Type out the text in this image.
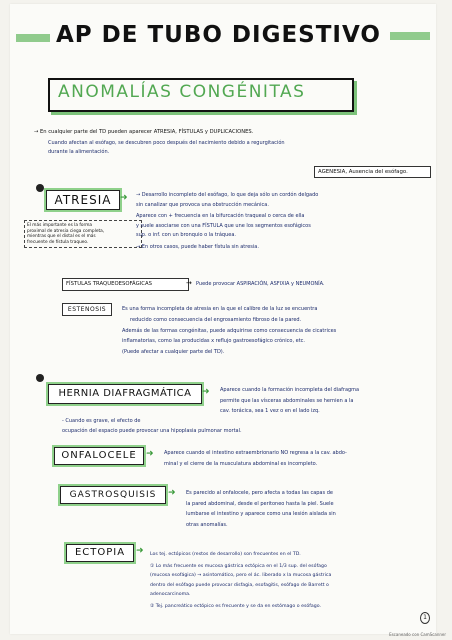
AP DE TUBO DIGESTIVO
ANOMALÍAS CONGÉNITAS
→ En cualquier parte del TD pueden aparecer ATRESIA, FÍSTULAS y DUPLICACIONES.
Cuando afectan al esófago, se descubren poco después del nacimiento debido a regurgitación
durante la alimentación.
AGENESIA, Ausencia del esófago.
ATRESIA ➜
El más importante es la forma
proximal de atresia ciega completa,
mientras que el distal es el más
frecuente de fístula traqueo.
→ Desarrollo incompleto del esófago, lo que deja sólo un cordón delgado
sin canalizar que provoca una obstrucción mecánica.
Aparece con + frecuencia en la bifurcación traqueal o cerca de ella
y suele asociarse con una FÍSTULA que une los segmentos esofágicos
sup. o inf. con un bronquio o la tráquea.
→ En otros casos, puede haber fístula sin atresia.
FÍSTULAS TRAQUEOESOFÁGICAS	→ Puede provocar ASPIRACIÓN, ASFIXIA y NEUMONÍA.
ESTENOSIS	Es una forma incompleta de atresia en la que el calibre de la luz se encuentra
reducido como consecuencia del engrosamiento fibroso de la pared.
Además de las formas congénitas, puede adquirirse como consecuencia de cicatrices
inflamatorias, como las producidas x reflujo gastroesofágico crónico, etc.
(Puede afectar a cualquier parte del TD).
HERNIA DIAFRAGMÁTICA	➜ Aparece cuando la formación incompleta del diafragma
permite que las vísceras abdominales se hernien a la
cav. torácica, sea 1 vez o en el lado izq.
- Cuando es grave, el efecto de
ocupación del espacio puede provocar una hipoplasia pulmonar mortal.
ONFALOCELE	➜ Aparece cuando el intestino extraembrionario NO regresa a la cav. abdo-
minal y el cierre de la musculatura abdominal es incompleto.
GASTROSQUISIS	➜ Es parecido al onfalocele, pero afecta a todas las capas de
la pared abdominal, desde el peritoneo hasta la piel. Suele
lumbarse el intestino y aparece como una lesión aislada sin
otras anomalías.
ECTOPIA	➜ Los tej. ectópicos (restos de desarrollo) son frecuentes en el TD.
① Lo más frecuente es mucosa gástrica ectópica en el 1/3 sup. del esófago
(mucosa esofágica) → asintomático, pero el ác. liberado x la mucosa gástrica
dentro del esófago puede provocar disfagia, esofagitis, esófago de Barrett o
adenocarcinoma.
② Tej. pancreático ectópico es frecuente y se da en estómago o esófago.
1
Escaneado con CamScanner
